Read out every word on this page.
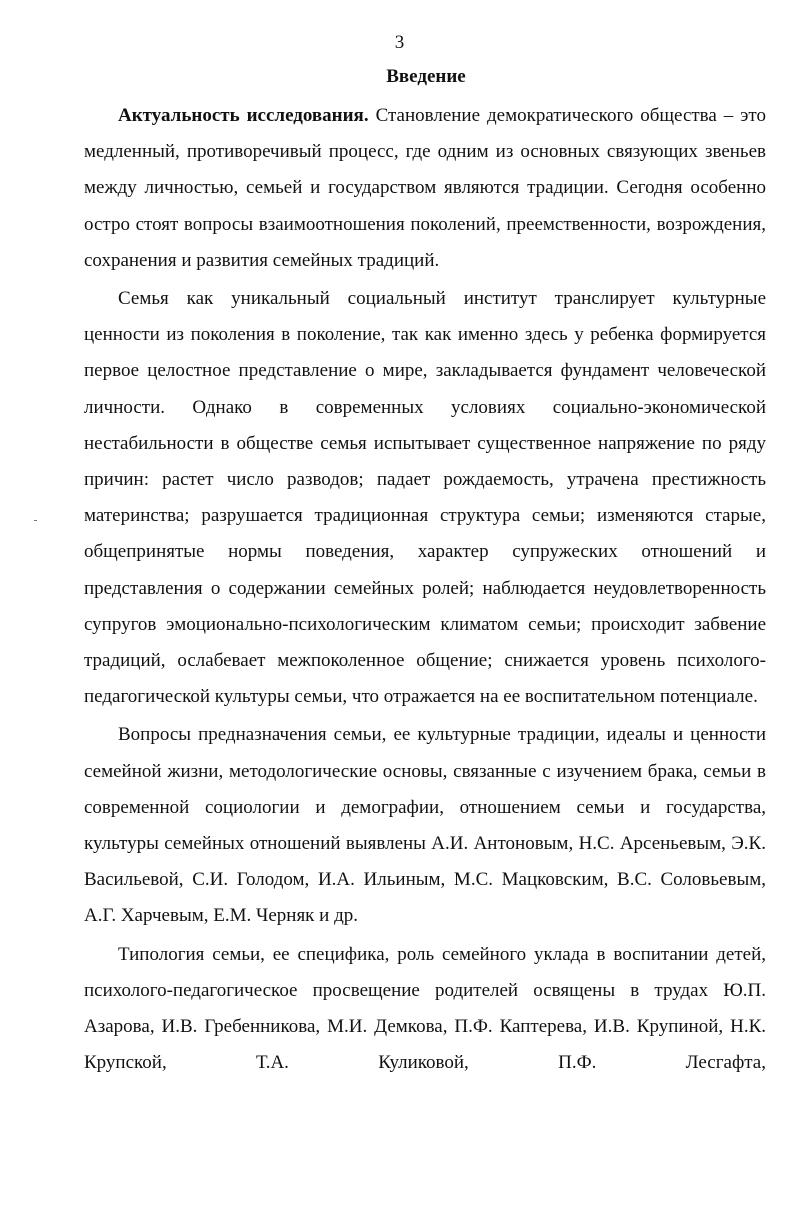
3
Введение

Актуальность исследования. Становление демократического общества – это медленный, противоречивый процесс, где одним из основных связующих звеньев между личностью, семьей и государством являются традиции. Сегодня особенно остро стоят вопросы взаимоотношения поколений, преемственности, возрождения, сохранения и развития семейных традиций.

Семья как уникальный социальный институт транслирует культурные ценности из поколения в поколение, так как именно здесь у ребенка формируется первое целостное представление о мире, закладывается фундамент человеческой личности. Однако в современных условиях социально-экономической нестабильности в обществе семья испытывает существенное напряжение по ряду причин: растет число разводов; падает рождаемость, утрачена престижность материнства; разрушается традиционная структура семьи; изменяются старые, общепринятые нормы поведения, характер супружеских отношений и представления о содержании семейных ролей; наблюдается неудовлетворенность супругов эмоционально-психологическим климатом семьи; происходит забвение традиций, ослабевает межпоколенное общение; снижается уровень психолого-педагогической культуры семьи, что отражается на ее воспитательном потенциале.

Вопросы предназначения семьи, ее культурные традиции, идеалы и ценности семейной жизни, методологические основы, связанные с изучением брака, семьи в современной социологии и демографии, отношением семьи и государства, культуры семейных отношений выявлены А.И. Антоновым, Н.С. Арсеньевым, Э.К. Васильевой, С.И. Голодом, И.А. Ильиным, М.С. Мацковским, В.С. Соловьевым, А.Г. Харчевым, Е.М. Черняк и др.

Типология семьи, ее специфика, роль семейного уклада в воспитании детей, психолого-педагогическое просвещение родителей освящены в трудах Ю.П. Азарова, И.В. Гребенникова, М.И. Демкова, П.Ф. Каптерева, И.В. Крупиной, Н.К. Крупской, Т.А. Куликовой, П.Ф. Лесгафта,
